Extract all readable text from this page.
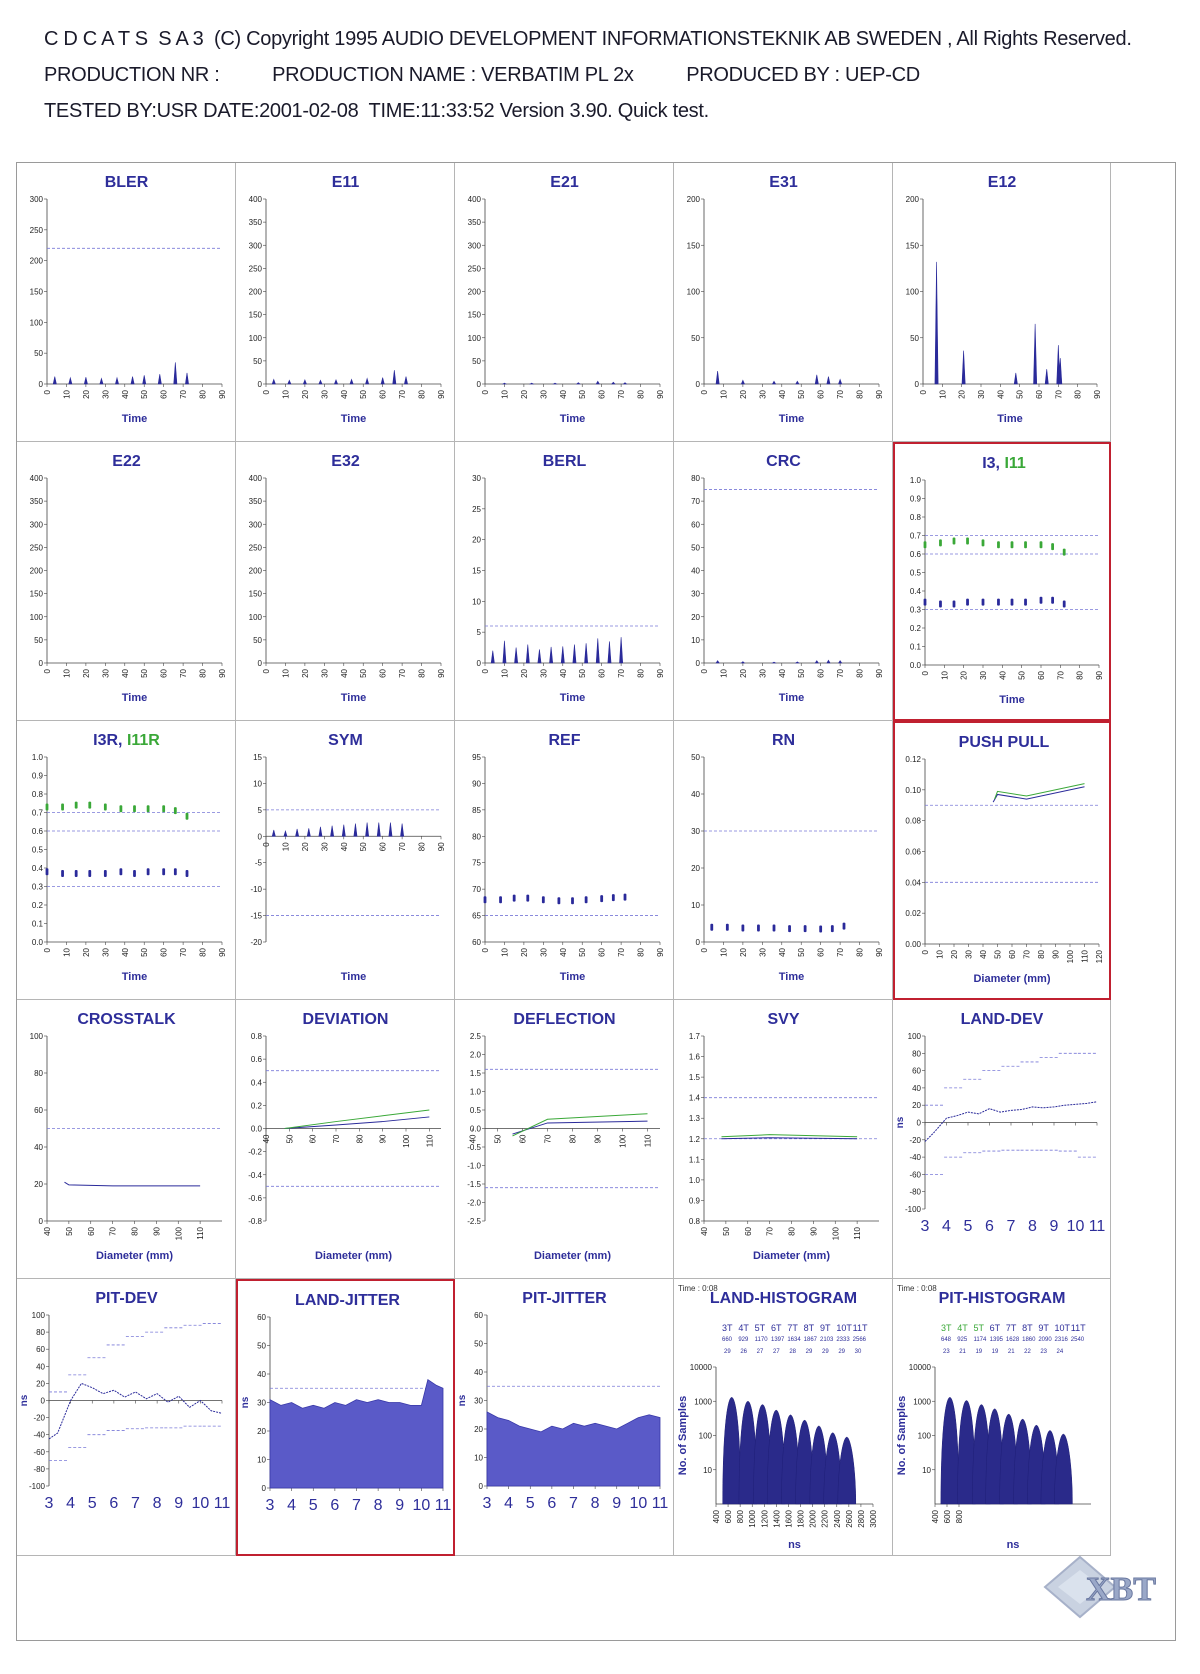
C D C A T S  S A 3  (C) Copyright 1995 AUDIO DEVELOPMENT INFORMATIONSTEKNIK AB SWEDEN , All Rights Reserved.
PRODUCTION NR :          PRODUCTION NAME : VERBATIM PL 2x          PRODUCED BY : UEP-CD
TESTED BY:USR DATE:2001-02-08  TIME:11:33:52 Version 3.90. Quick test.
BLER
0
50
100
150
200
250
300
0 10 20 30 40 50 60 70 80 90
Time
E11
0
50
100
150
200
250
300
350
400
0 10 20 30 40 50 60 70 80 90
Time
E21
0
50
100
150
200
250
300
350
400
0 10 20 30 40 50 60 70 80 90
Time
E31
0
50
100
150
200
0 10 20 30 40 50 60 70 80 90
Time
E12
0
50
100
150
200
0 10 20 30 40 50 60 70 80 90
Time
E22
0
50
100
150
200
250
300
350
400
0 10 20 30 40 50 60 70 80 90
Time
E32
0
50
100
150
200
250
300
350
400
0 10 20 30 40 50 60 70 80 90
Time
BERL
0
5
10
15
20
25
30
0 10 20 30 40 50 60 70 80 90
Time
CRC
0
10
20
30
40
50
60
70
80
0 10 20 30 40 50 60 70 80 90
Time
I3, I11
0.0
0.1
0.2
0.3
0.4
0.5
0.6
0.7
0.8
0.9
1.0
0 10 20 30 40 50 60 70 80 90
Time
I3R, I11R
0.0
0.1
0.2
0.3
0.4
0.5
0.6
0.7
0.8
0.9
1.0
0 10 20 30 40 50 60 70 80 90
Time
SYM
-20
-15
-10
-5
0
5
10
15
0 10 20 30 40 50 60 70 80 90
Time
REF
60
65
70
75
80
85
90
95
0 10 20 30 40 50 60 70 80 90
Time
RN
0
10
20
30
40
50
0 10 20 30 40 50 60 70 80 90
Time
PUSH PULL
0.00
0.02
0.04
0.06
0.08
0.10
0.12
0 10 20 30 40 50 60 70 80 90 100 110 120
Diameter (mm)
CROSSTALK
0
20
40
60
80
100
40 50 60 70 80 90 100 110
Diameter (mm)
DEVIATION
-0.8
-0.6
-0.4
-0.2
0.0
0.2
0.4
0.6
0.8
40 50 60 70 80 90 100 110
Diameter (mm)
DEFLECTION
-2.5
-2.0
-1.5
-1.0
-0.5
0.0
0.5
1.0
1.5
2.0
2.5
40 50 60 70 80 90 100 110
Diameter (mm)
SVY
0.8
0.9
1.0
1.1
1.2
1.3
1.4
1.5
1.6
1.7
40 50 60 70 80 90 100 110
Diameter (mm)
LAND-DEV
-100
-80
-60
-40
-20
0
20
40
60
80
100
3 4 5 6 7 8 9 10 11
ns
PIT-DEV
-100
-80
-60
-40
-20
0
20
40
60
80
100
3 4 5 6 7 8 9 10 11
ns
LAND-JITTER
0
10
20
30
40
50
60
3 4 5 6 7 8 9 10 11
ns
PIT-JITTER
0
10
20
30
40
50
60
3 4 5 6 7 8 9 10 11
ns
LAND-HISTOGRAM
Time : 0:08
10
100
1000
10000
400 600 800 1000 1200 1400 1600 1800 2000 2200 2400 2600 2800 3000
ns
No. of Samples
3T 4T 5T 6T 7T 8T 9T 10T 11T
660 929 1170 1397 1634 1867 2103 2333 2566
29 26 27 27 28 29 29 29 30
PIT-HISTOGRAM
Time : 0:08
10
100
1000
10000
400 600 800
ns
No. of Samples
3T 4T 5T 6T 7T 8T 9T 10T 11T
648 925 1174 1395 1628 1860 2090 2316 2540
23 21 19 19 21 22 23 24
XBT
